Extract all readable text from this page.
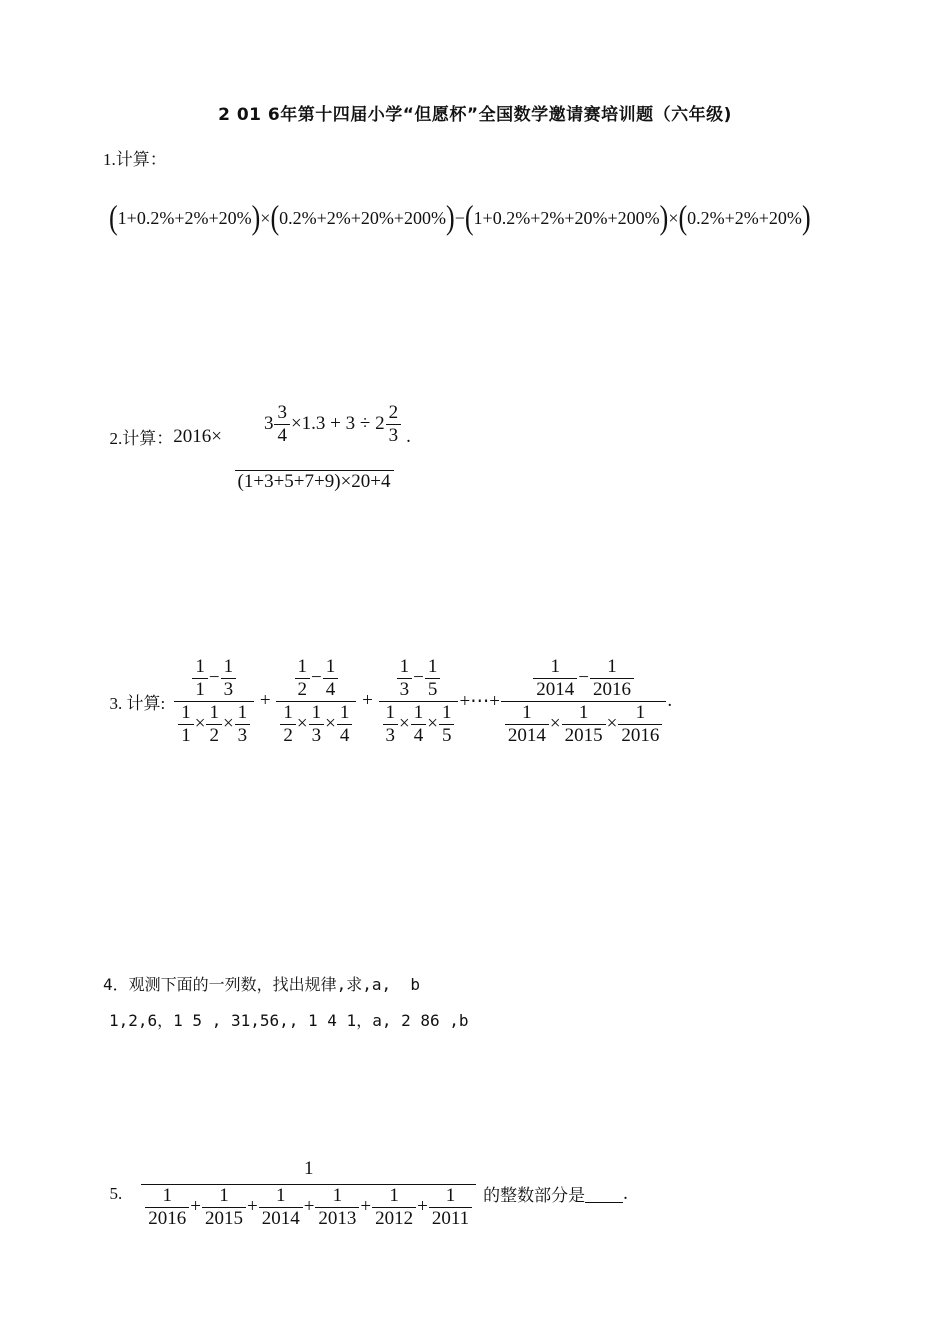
2 01 6年第十四届小学“但愿杯”全国数学邀请赛培训题（六年级)
1.计算：

( 1+0.2%+2%+20% ) × ( 0.2%+2%+20%+200% ) − ( 1+0.2%+2%+20%+200% ) × ( 0.2%+2%+20% )

2.计算： 2016×

$3 \frac{3}{4} \times 1.3 + 3 \div 2 \frac{2}{3}$

(1+3+5+7+9)×20+4
.

3. 计算: $\frac{\frac{1}{1} - \frac{1}{3}}{\frac{1}{1} \times \frac{1}{2} \times \frac{1}{3}} + \frac{\frac{1}{2} - \frac{1}{4}}{\frac{1}{2} \times \frac{1}{3} \times \frac{1}{4}} + \frac{\frac{1}{3} - \frac{1}{5}}{\frac{1}{3} \times \frac{1}{4} \times \frac{1}{5}}$ +⋯+ $\frac{\frac{1}{2014} - \frac{1}{2016}}{\frac{1}{2014} \times \frac{1}{2015} \times \frac{1}{2016}}$ .

4．观测下面的一列数，找出规律,求,a,  b
1,2,6，1 5 , 31,56,, 1 4 1，a, 2 86 ,b

5. $\frac{1}{\frac{1}{2016} + \frac{1}{2015} + \frac{1}{2014} + \frac{1}{2013} + \frac{1}{2012} + \frac{1}{2011}}$ 的整数部分是 .
